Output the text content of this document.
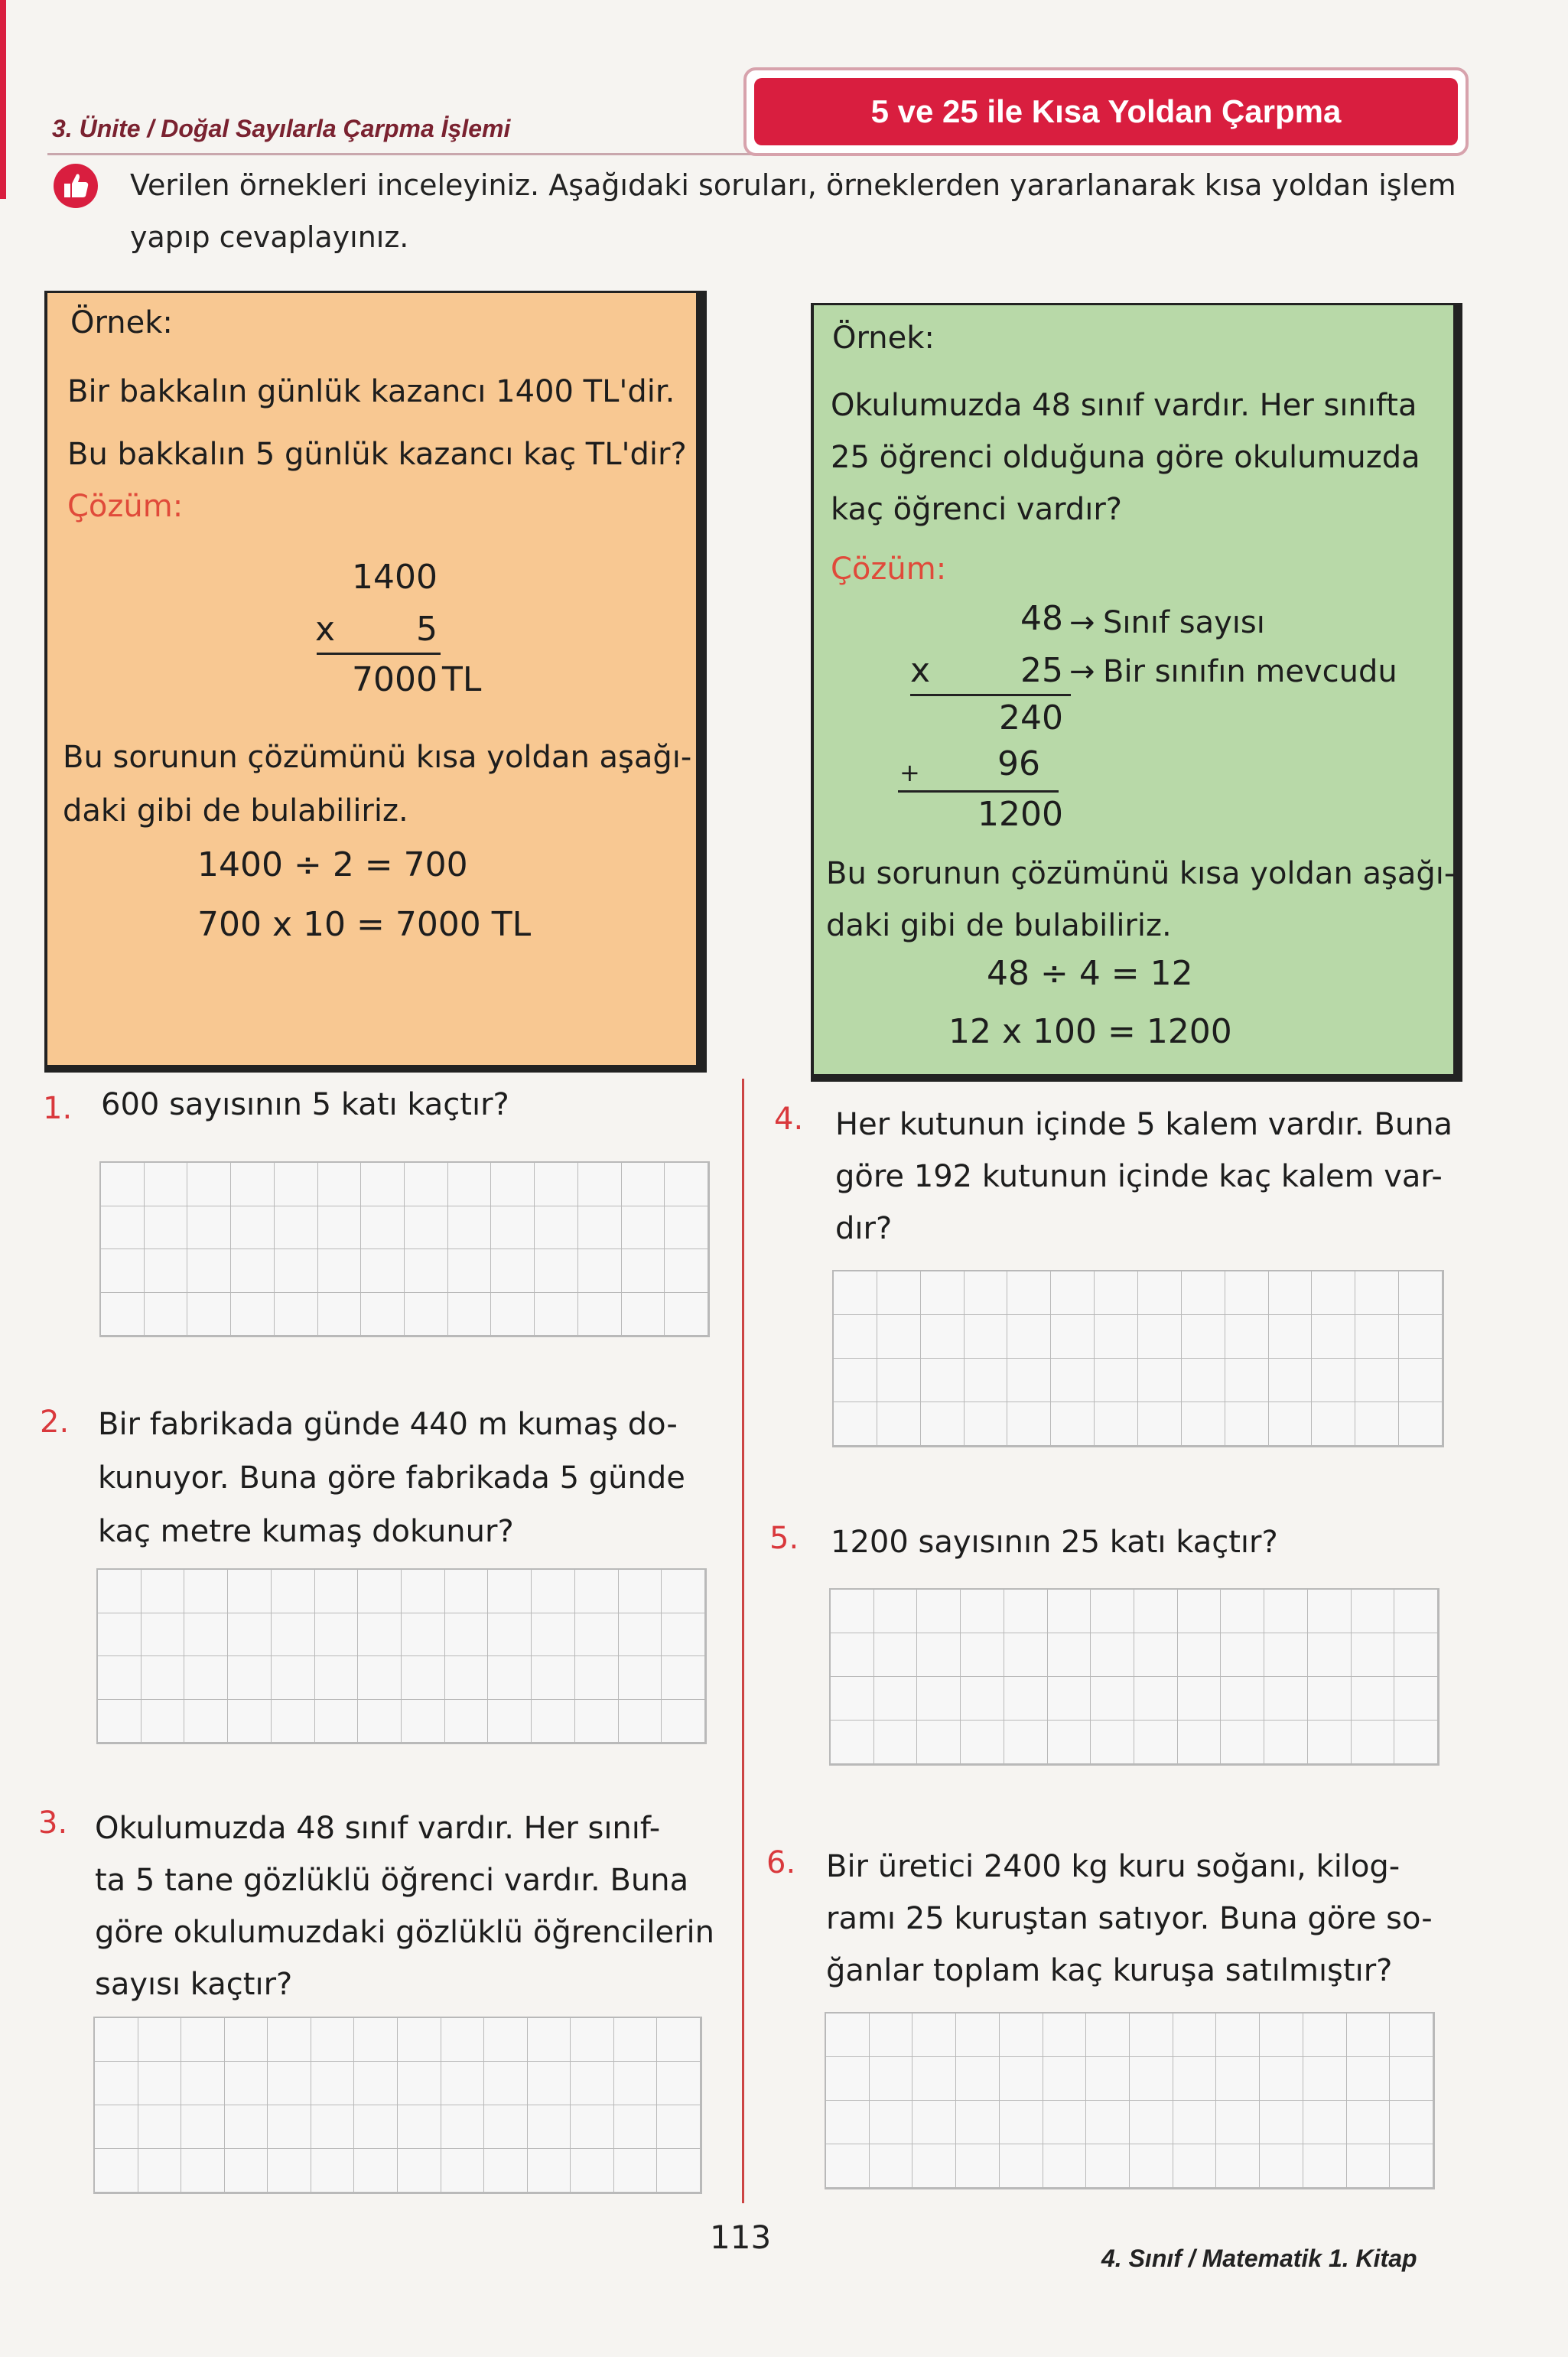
3. Ünite / Doğal Sayılarla Çarpma İşlemi	5 ve 25 ile Kısa Yoldan Çarpma
Verilen örnekleri inceleyiniz. Aşağıdaki soruları, örneklerden yararlanarak kısa yoldan işlem yapıp cevaplayınız.
Örnek:
Bir bakkalın günlük kazancı 1400 TL'dir.
Bu bakkalın 5 günlük kazancı kaç TL'dir?
Çözüm:
1400
x	5
7000 TL
Bu sorunun çözümünü kısa yoldan aşağı-
daki gibi de bulabiliriz.
1400 ÷ 2 = 700
700 x 10 = 7000 TL
Örnek:
Okulumuzda 48 sınıf vardır. Her sınıfta
25 öğrenci olduğuna göre okulumuzda
kaç öğrenci vardır?
Çözüm:
48 → Sınıf sayısı
x	25 → Bir sınıfın mevcudu
240
+	96
1200
Bu sorunun çözümünü kısa yoldan aşağı-
daki gibi de bulabiliriz.
48 ÷ 4 = 12
12 x 100 = 1200
1. 600 sayısının 5 katı kaçtır?
2. Bir fabrikada günde 440 m kumaş do-
kunuyor. Buna göre fabrikada 5 günde
kaç metre kumaş dokunur?
3. Okulumuzda 48 sınıf vardır. Her sınıf-
ta 5 tane gözlüklü öğrenci vardır. Buna
göre okulumuzdaki gözlüklü öğrencilerin
sayısı kaçtır?
4. Her kutunun içinde 5 kalem vardır. Buna
göre 192 kutunun içinde kaç kalem var-
dır?
5. 1200 sayısının 25 katı kaçtır?
6. Bir üretici 2400 kg kuru soğanı, kilog-
ramı 25 kuruştan satıyor. Buna göre so-
ğanlar toplam kaç kuruşa satılmıştır?
113
4. Sınıf / Matematik 1. Kitap
